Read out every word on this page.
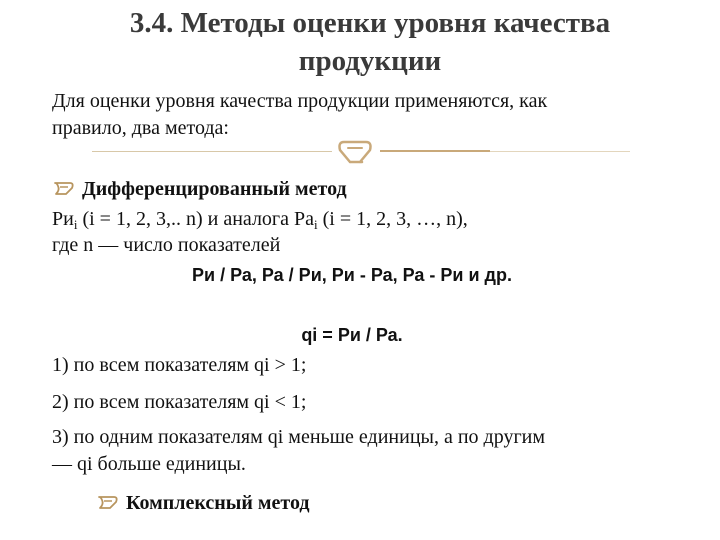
3.4. Методы оценки уровня качества
продукции
Для оценки уровня качества продукции применяются, как
правило, два метода:
Дифференцированный метод
$Ри_i$ (i = 1, 2, 3,.. n) и аналога $Ра_i$ (i = 1, 2, 3, …, n),
где n — число показателей
Ри / Ра, Ра / Ри, Ри - Ра, Ра - Ри и др.
qi = Ри / Ра.
1) по всем показателям qi > 1;
2) по всем показателям qi < 1;
3) по одним показателям qi меньше единицы, а по другим
— qi больше единицы.
Комплексный метод
